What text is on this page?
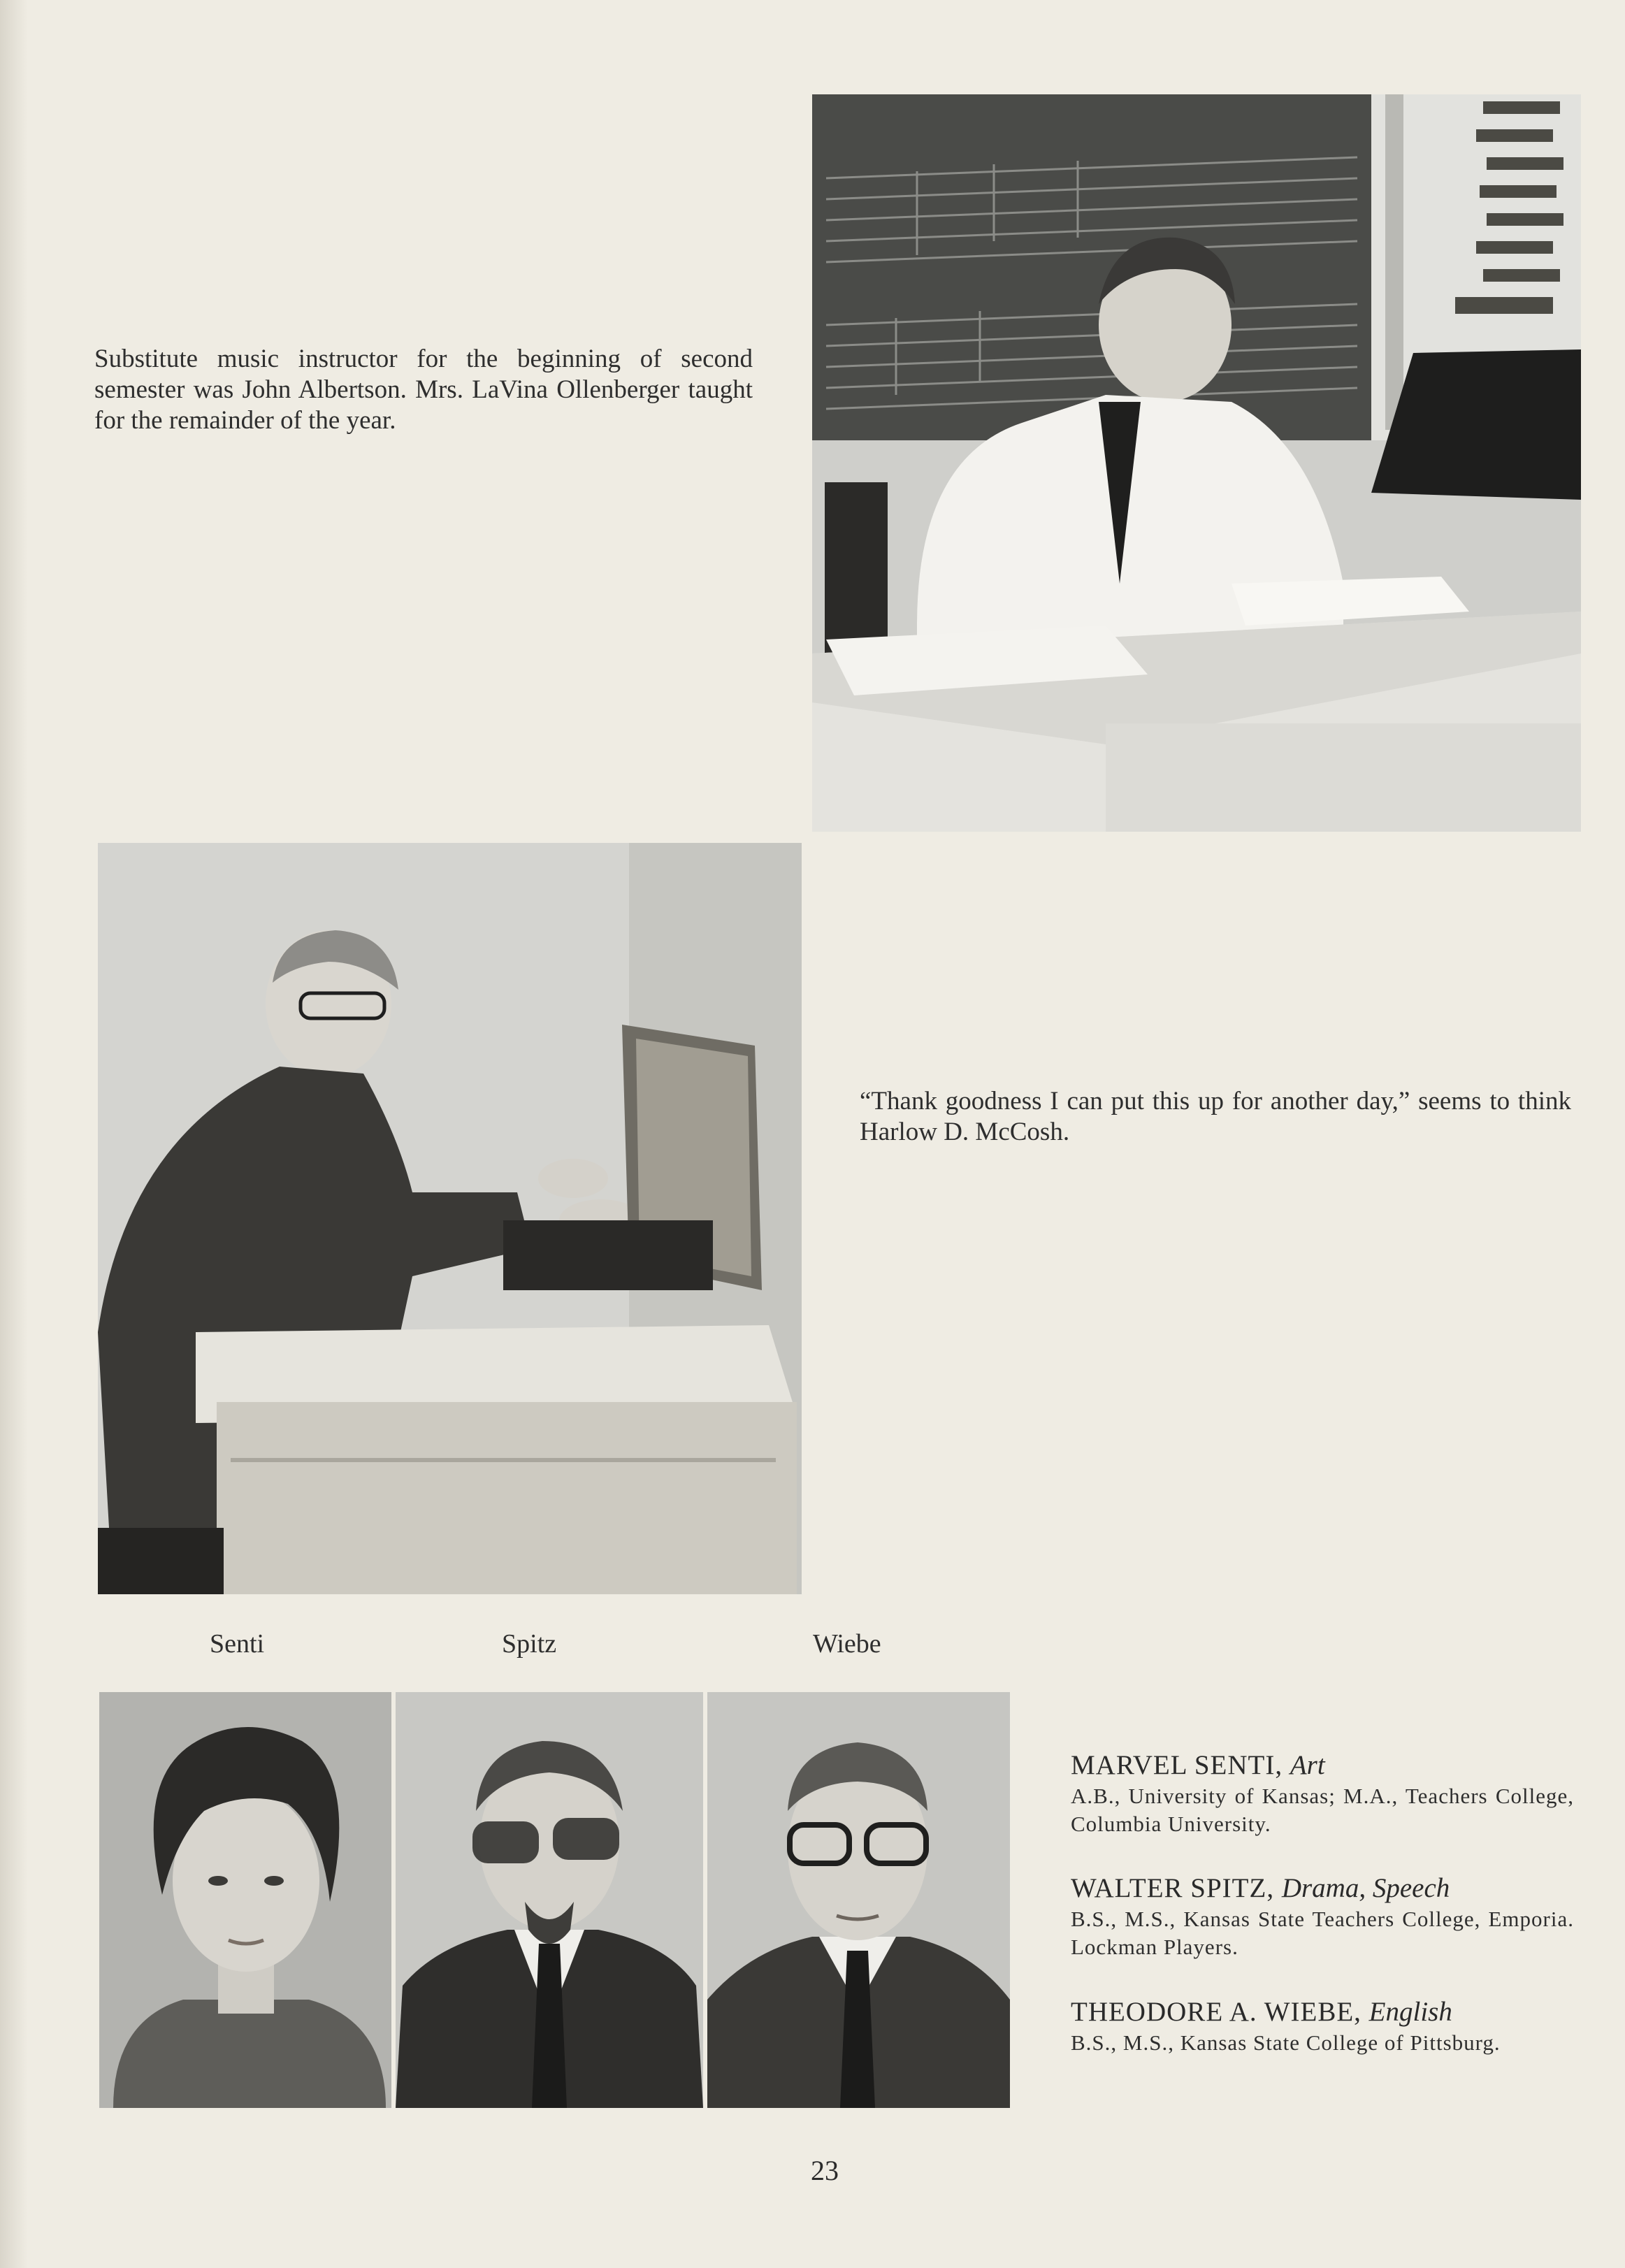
Substitute music instructor for the beginning of second semester was John Albertson. Mrs. LaVina Ollenberger taught for the remainder of the year.
“Thank goodness I can put this up for another day,” seems to think Harlow D. McCosh.
Senti	Spitz	Wiebe
MARVEL SENTI, Art
A.B., University of Kansas; M.A., Teachers College, Columbia University.
WALTER SPITZ, Drama, Speech
B.S., M.S., Kansas State Teachers College, Emporia. Lockman Players.
THEODORE A. WIEBE, English
B.S., M.S., Kansas State College of Pittsburg.
23
